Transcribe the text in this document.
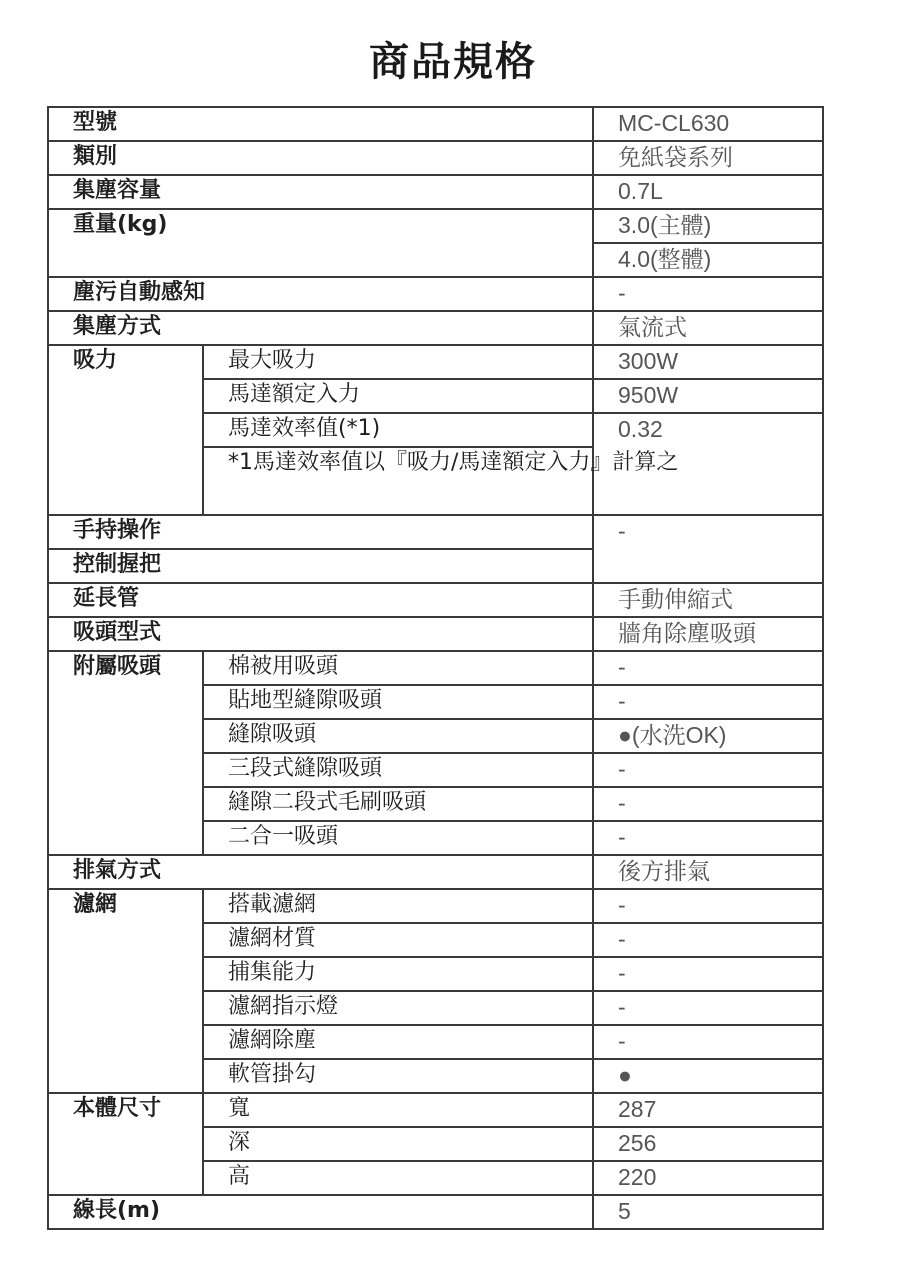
商品規格
型號		MC-CL630
類別		免紙袋系列
集塵容量		0.7L
重量(kg)		3.0(主體)
		4.0(整體)
塵污自動感知		-
集塵方式		氣流式
吸力	最大吸力	300W
	馬達額定入力	950W
	馬達效率值(*1)	0.32
	*1馬達效率值以『吸力/馬達額定入力』計算之	
手持操作		-
控制握把		
延長管		手動伸縮式
吸頭型式		牆角除塵吸頭
附屬吸頭	棉被用吸頭	-
	貼地型縫隙吸頭	-
	縫隙吸頭	●(水洗OK)
	三段式縫隙吸頭	-
	縫隙二段式毛刷吸頭	-
	二合一吸頭	-
排氣方式		後方排氣
濾網	搭載濾網	-
	濾網材質	-
	捕集能力	-
	濾網指示燈	-
	濾網除塵	-
	軟管掛勾	●
本體尺寸	寬	287
	深	256
	高	220
線長(m)		5
